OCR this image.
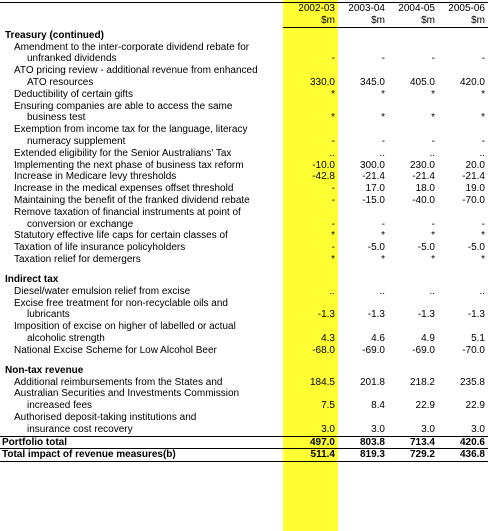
	2002-03	2003-04	2004-05	2005-06
	$m	$m	$m	$m
Treasury (continued)				
Amendment to the inter-corporate dividend rebate for				
unfranked dividends	-	-	-	-
ATO pricing review - additional revenue from enhanced				
ATO resources	330.0	345.0	405.0	420.0
Deductibility of certain gifts	*	*	*	*
Ensuring companies are able to access the same				
business test	*	*	*	*
Exemption from income tax for the language, literacy				
numeracy supplement	-	-	-	-
Extended eligibility for the Senior Australians' Tax	..	..	..	..
Implementing the next phase of business tax reform	-10.0	300.0	230.0	20.0
Increase in Medicare levy thresholds	-42.8	-21.4	-21.4	-21.4
Increase in the medical expenses offset threshold	-	17.0	18.0	19.0
Maintaining the benefit of the franked dividend rebate	-	-15.0	-40.0	-70.0
Remove taxation of financial instruments at point of				
conversion or exchange	-	-	-	-
Statutory effective life caps for certain classes of	*	*	*	*
Taxation of life insurance policyholders	-	-5.0	-5.0	-5.0
Taxation relief for demergers	*	*	*	*

Indirect tax				
Diesel/water emulsion relief from excise	..	..	..	..
Excise free treatment for non-recyclable oils and				
lubricants	-1.3	-1.3	-1.3	-1.3
Imposition of excise on higher of labelled or actual				
alcoholic strength	4.3	4.6	4.9	5.1
National Excise Scheme for Low Alcohol Beer	-68.0	-69.0	-69.0	-70.0

Non-tax revenue				
Additional reimbursements from the States and	184.5	201.8	218.2	235.8
Australian Securities and Investments Commission				
increased fees	7.5	8.4	22.9	22.9
Authorised deposit-taking institutions and				
insurance cost recovery	3.0	3.0	3.0	3.0
Portfolio total	497.0	803.8	713.4	420.6
Total impact of revenue measures(b)	511.4	819.3	729.2	436.8
